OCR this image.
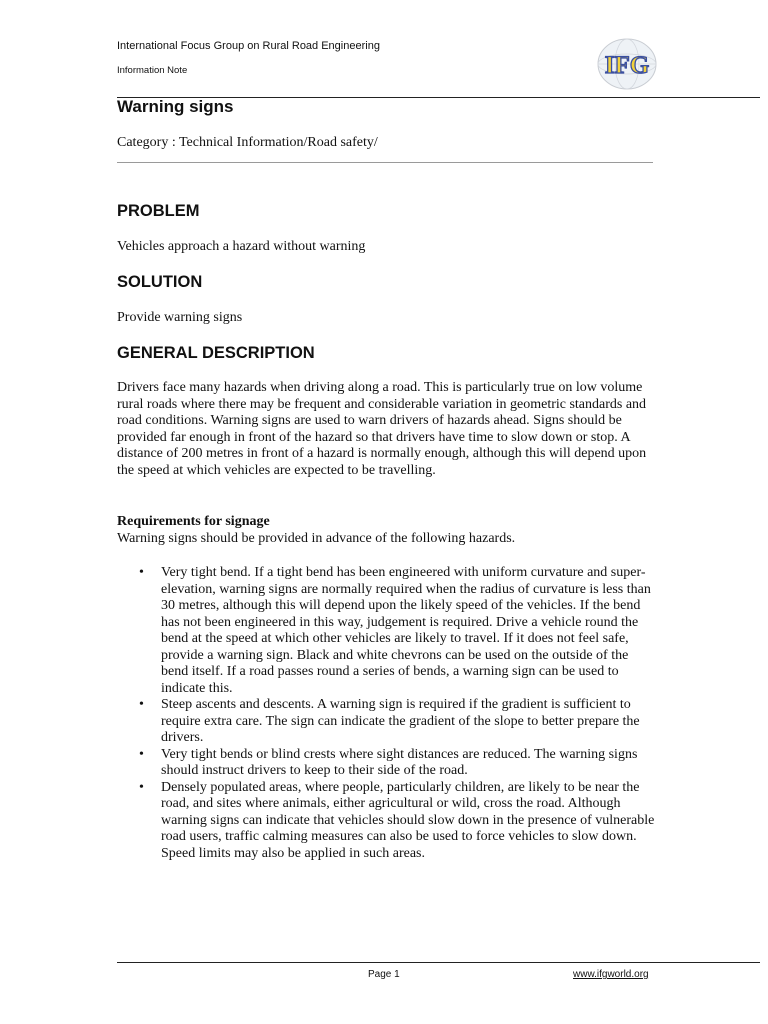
International Focus Group on Rural Road Engineering
Information Note	IFG
Warning signs
Category : Technical Information/Road safety/
PROBLEM
Vehicles approach a hazard without warning
SOLUTION
Provide warning signs
GENERAL DESCRIPTION
Drivers face many hazards when driving along a road. This is particularly true on low volume rural roads where there may be frequent and considerable variation in geometric standards and road conditions. Warning signs are used to warn drivers of hazards ahead. Signs should be provided far enough in front of the hazard so that drivers have time to slow down or stop. A distance of 200 metres in front of a hazard is normally enough, although this will depend upon the speed at which vehicles are expected to be travelling.
Requirements for signage
Warning signs should be provided in advance of the following hazards.
• Very tight bend. If a tight bend has been engineered with uniform curvature and super-elevation, warning signs are normally required when the radius of curvature is less than 30 metres, although this will depend upon the likely speed of the vehicles. If the bend has not been engineered in this way, judgement is required. Drive a vehicle round the bend at the speed at which other vehicles are likely to travel. If it does not feel safe, provide a warning sign. Black and white chevrons can be used on the outside of the bend itself. If a road passes round a series of bends, a warning sign can be used to indicate this.
• Steep ascents and descents. A warning sign is required if the gradient is sufficient to require extra care. The sign can indicate the gradient of the slope to better prepare the drivers.
• Very tight bends or blind crests where sight distances are reduced. The warning signs should instruct drivers to keep to their side of the road.
• Densely populated areas, where people, particularly children, are likely to be near the road, and sites where animals, either agricultural or wild, cross the road. Although warning signs can indicate that vehicles should slow down in the presence of vulnerable road users, traffic calming measures can also be used to force vehicles to slow down. Speed limits may also be applied in such areas.
Page 1	www.ifgworld.org
